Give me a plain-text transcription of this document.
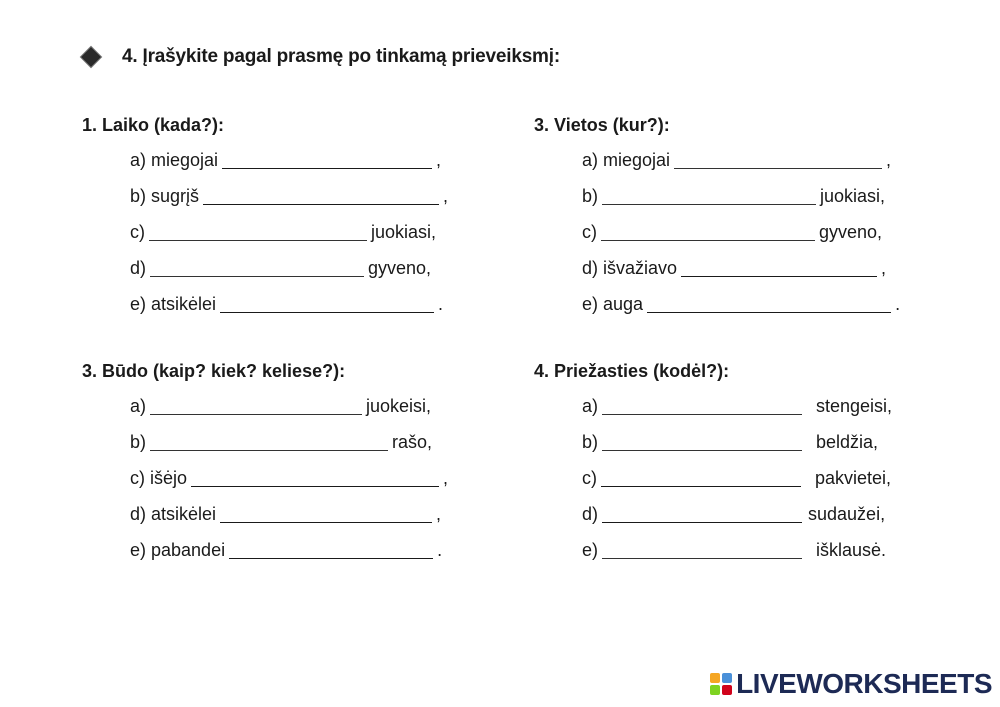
4. Įrašykite pagal prasmę po tinkamą prieveiksmį:
1. Laiko (kada?):
a) miegojai	,
b) sugrįš	,
c)	juokiasi,
d)	gyveno,
e) atsikėlei	.
3. Vietos (kur?):
a) miegojai	,
b)	juokiasi,
c)	gyveno,
d) išvažiavo	,
e) auga	.
3. Būdo (kaip? kiek? keliese?):
a)	juokeisi,
b)	rašo,
c) išėjo	,
d) atsikėlei	,
e) pabandei	.
4. Priežasties (kodėl?):
a)	stengeisi,
b)	beldžia,
c)	pakvietei,
d)	sudaužei,
e)	išklausė.
LIVEWORKSHEETS
